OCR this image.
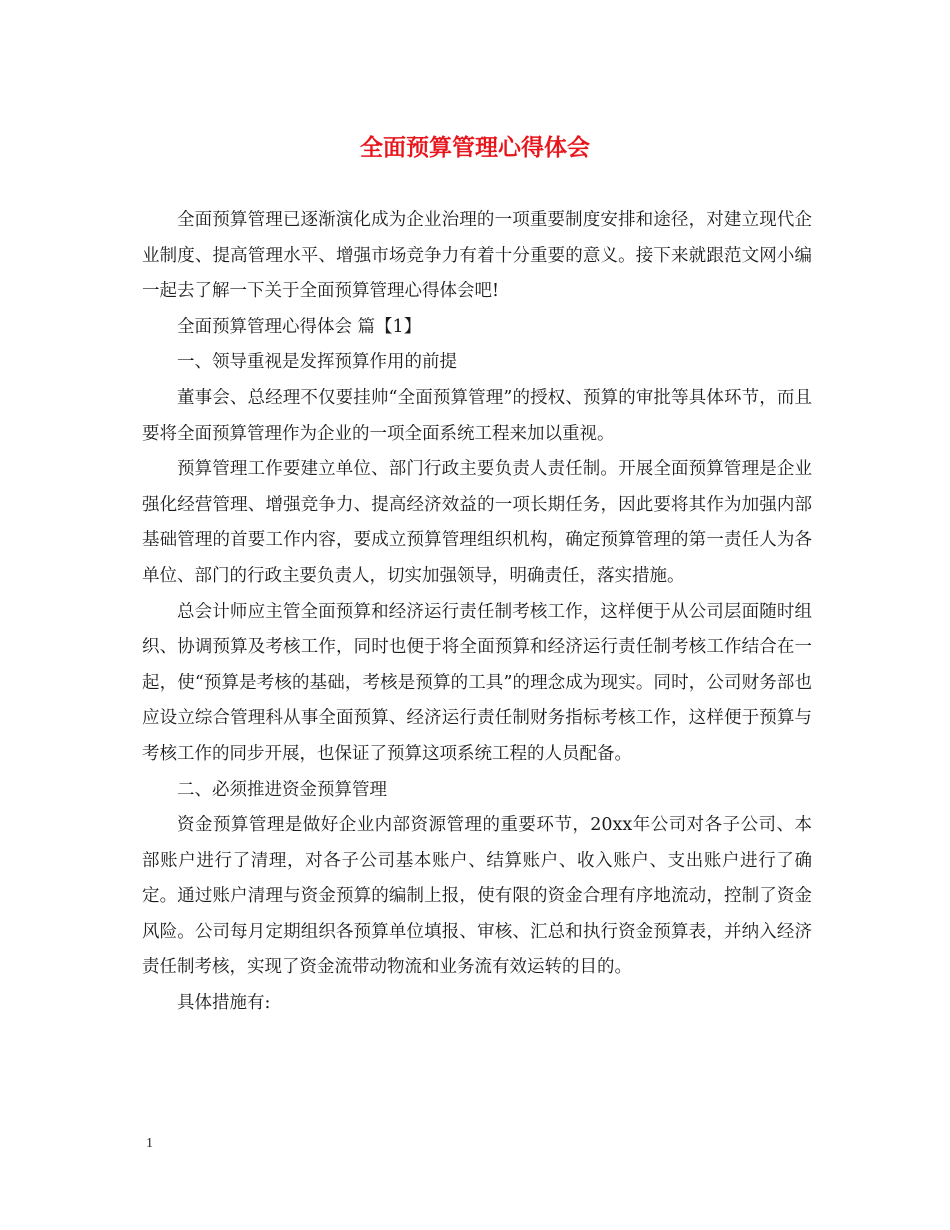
全面预算管理心得体会

全面预算管理已逐渐演化成为企业治理的一项重要制度安排和途径，对建立现代企业制度、提高管理水平、增强市场竞争力有着十分重要的意义。接下来就跟范文网小编一起去了解一下关于全面预算管理心得体会吧!

全面预算管理心得体会 篇【1】

一、领导重视是发挥预算作用的前提

董事会、总经理不仅要挂帅“全面预算管理”的授权、预算的审批等具体环节，而且要将全面预算管理作为企业的一项全面系统工程来加以重视。

预算管理工作要建立单位、部门行政主要负责人责任制。开展全面预算管理是企业强化经营管理、增强竞争力、提高经济效益的一项长期任务，因此要将其作为加强内部基础管理的首要工作内容，要成立预算管理组织机构，确定预算管理的第一责任人为各单位、部门的行政主要负责人，切实加强领导，明确责任，落实措施。

总会计师应主管全面预算和经济运行责任制考核工作，这样便于从公司层面随时组织、协调预算及考核工作，同时也便于将全面预算和经济运行责任制考核工作结合在一起，使“预算是考核的基础，考核是预算的工具”的理念成为现实。同时，公司财务部也应设立综合管理科从事全面预算、经济运行责任制财务指标考核工作，这样便于预算与考核工作的同步开展，也保证了预算这项系统工程的人员配备。

二、必须推进资金预算管理

资金预算管理是做好企业内部资源管理的重要环节，20xx年公司对各子公司、本部账户进行了清理，对各子公司基本账户、结算账户、收入账户、支出账户进行了确定。通过账户清理与资金预算的编制上报，使有限的资金合理有序地流动，控制了资金风险。公司每月定期组织各预算单位填报、审核、汇总和执行资金预算表，并纳入经济责任制考核，实现了资金流带动物流和业务流有效运转的目的。

具体措施有:

1
